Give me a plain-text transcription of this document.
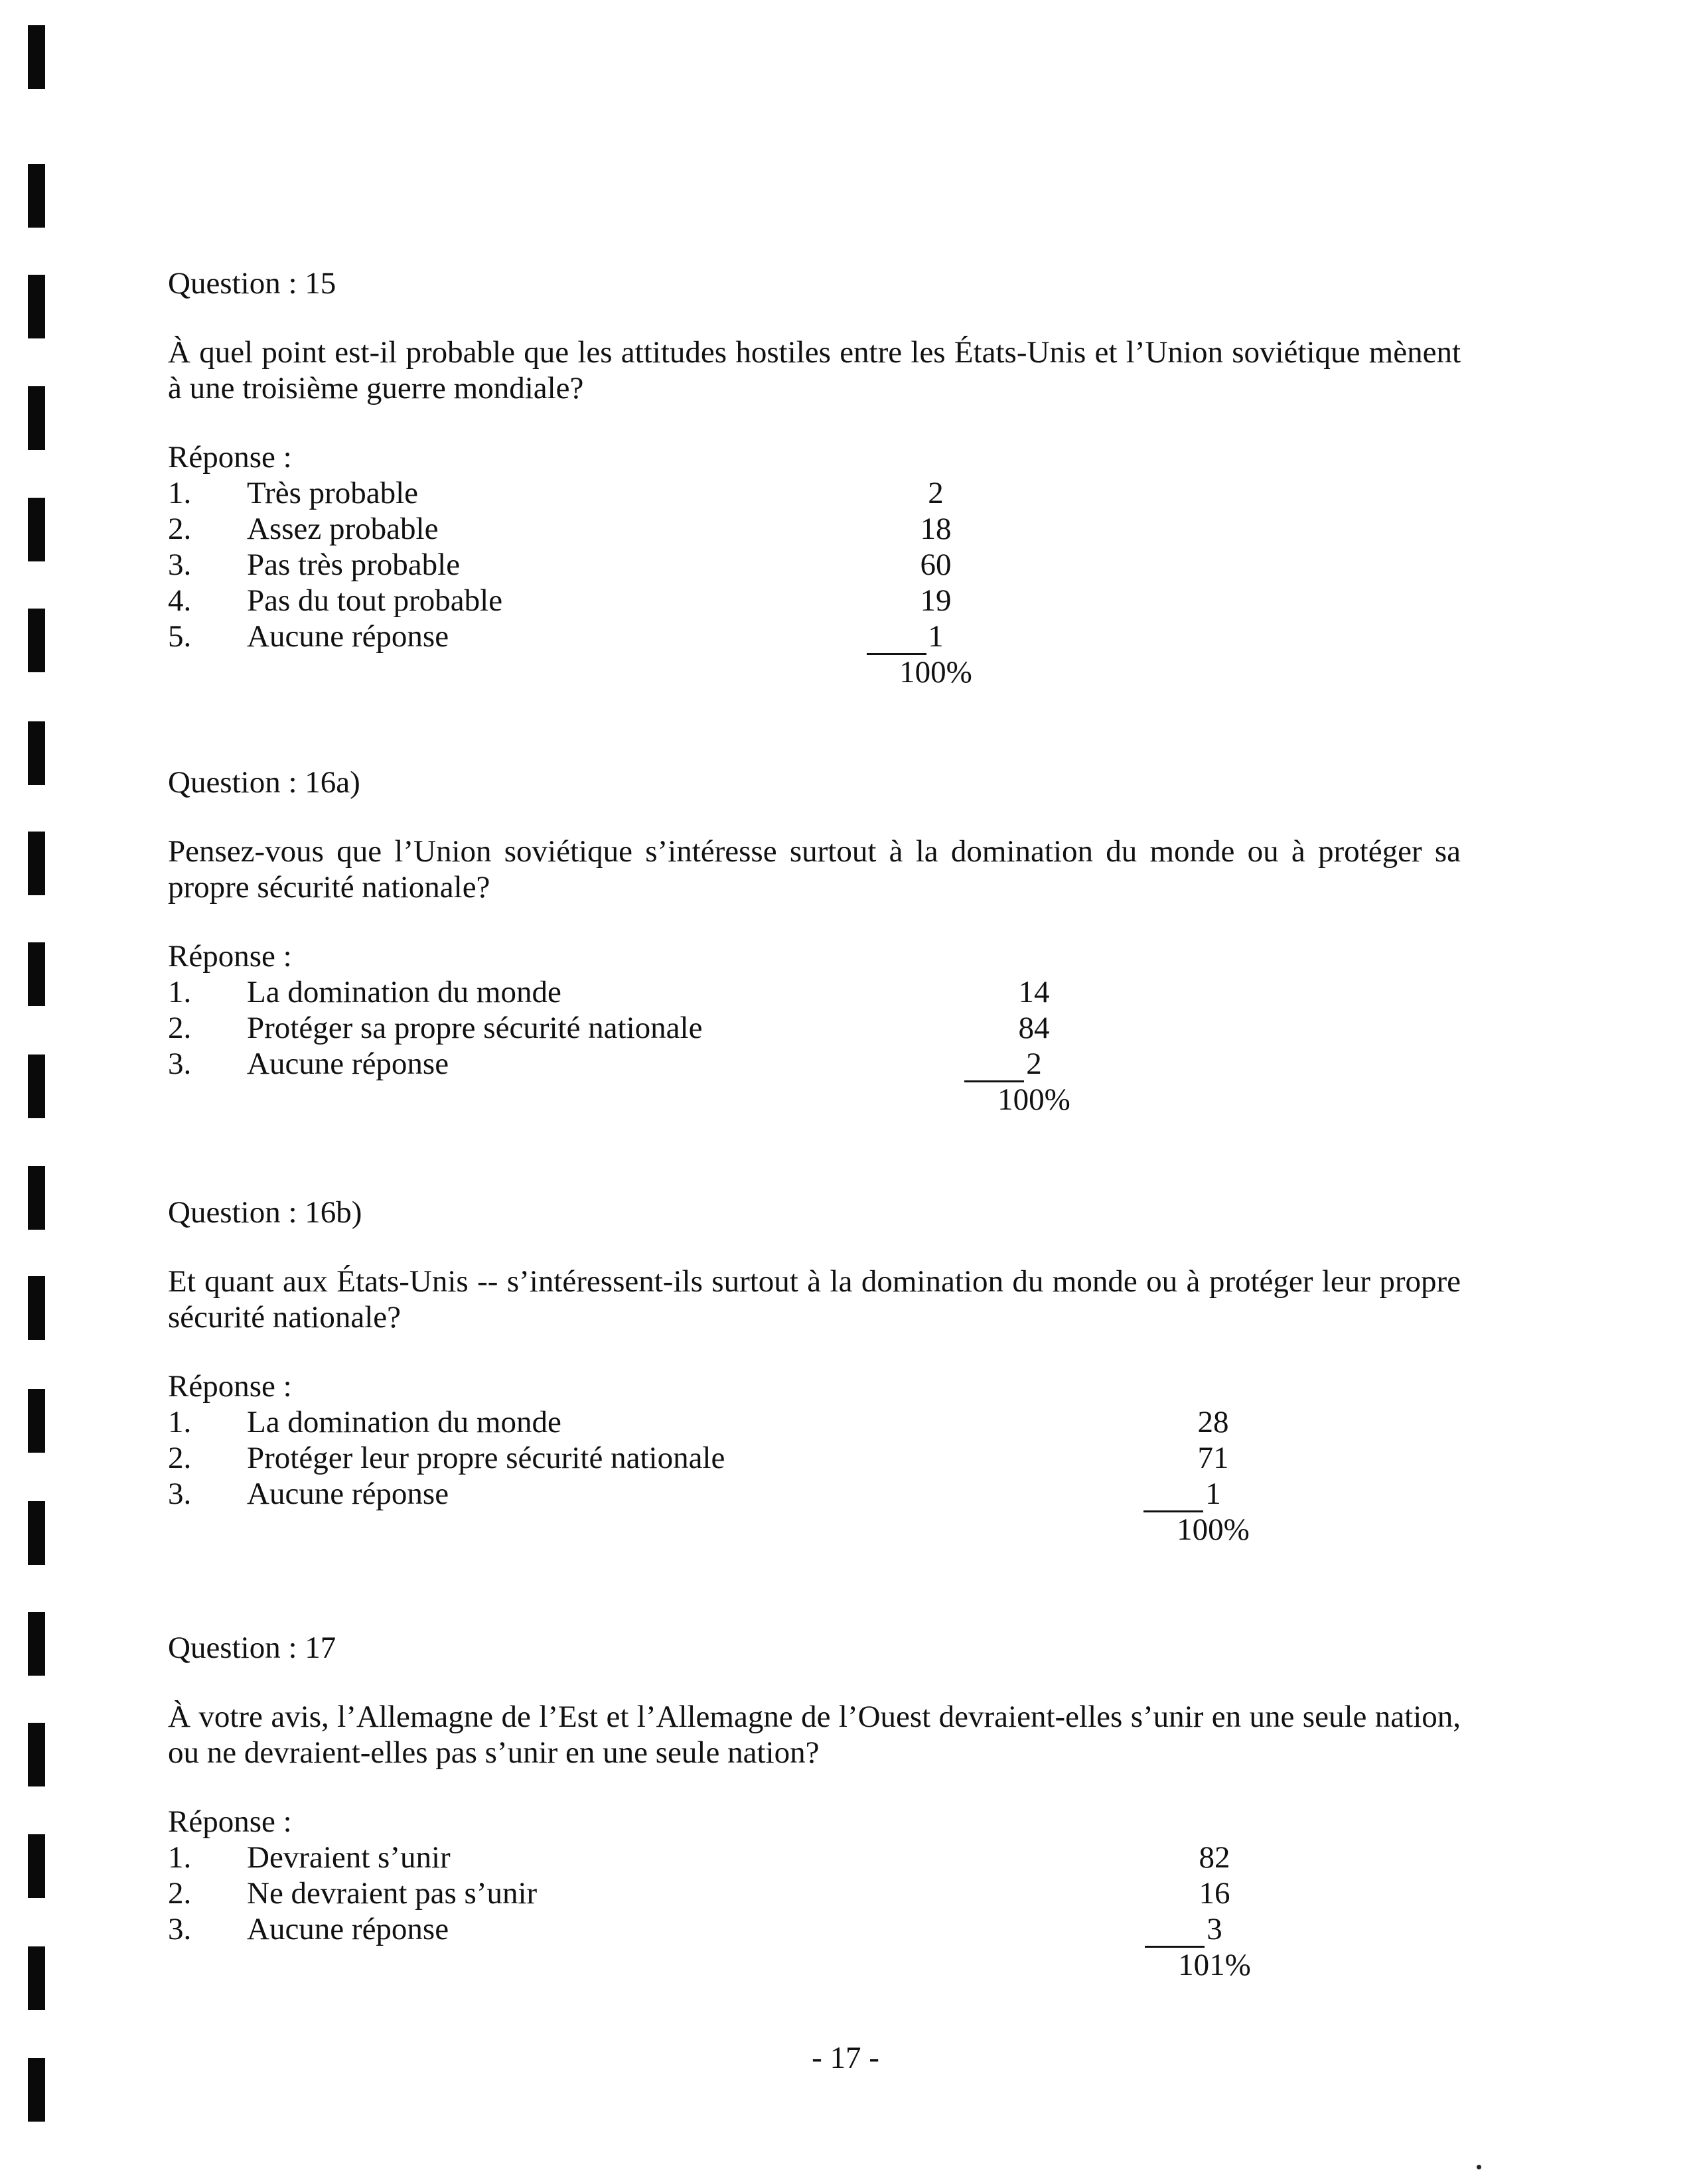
Question : 15

À quel point est-il probable que les attitudes hostiles entre les États-Unis et l’Union soviétique mènent à une troisième guerre mondiale?

Réponse :

1. Très probable	2
2. Assez probable	18
3. Pas très probable	60
4. Pas du tout probable	19
5. Aucune réponse	1
100%

Question : 16a)

Pensez-vous que l’Union soviétique s’intéresse surtout à la domination du monde ou à protéger sa propre sécurité nationale?

Réponse :

1. La domination du monde	14
2. Protéger sa propre sécurité nationale	84
3. Aucune réponse	2
100%

Question : 16b)

Et quant aux États-Unis -- s’intéressent-ils surtout à la domination du monde ou à protéger leur propre sécurité nationale?

Réponse :

1. La domination du monde	28
2. Protéger leur propre sécurité nationale	71
3. Aucune réponse	1
100%

Question : 17

À votre avis, l’Allemagne de l’Est et l’Allemagne de l’Ouest devraient-elles s’unir en une seule nation, ou ne devraient-elles pas s’unir en une seule nation?

Réponse :

1. Devraient s’unir	82
2. Ne devraient pas s’unir	16
3. Aucune réponse	3
101%
- 17 -
